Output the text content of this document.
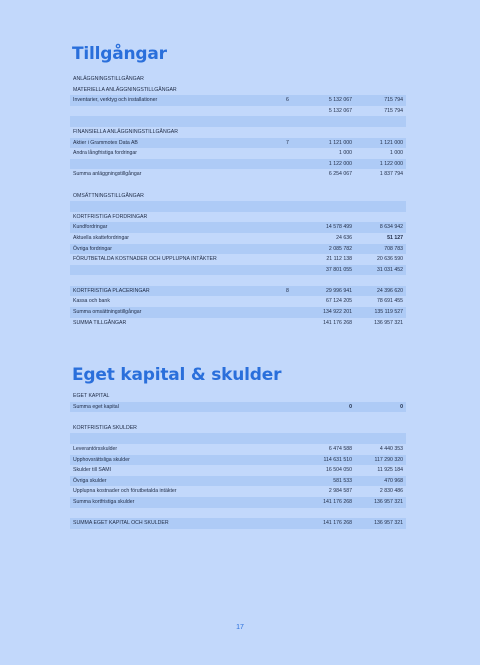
Tillgångar
ANLÄGGNINGSTILLGÅNGAR
MATERIELLA ANLÄGGNINGSTILLGÅNGAR
Inventarier, verktyg och installationer	6	5 132 067	715 794
5 132 067	715 794
FINANSIELLA ANLÄGGNINGSTILLGÅNGAR
Aktier i Grammotex Data AB	7	1 121 000	1 121 000
Andra långfristiga fordringar	1 000	1 000
1 122 000	1 122 000
Summa anläggningstillgångar	6 254 067	1 837 794
OMSÄTTNINGSTILLGÅNGAR
KORTFRISTIGA FORDRINGAR
Kundfordringar	14 578 499	8 634 942
Aktuella skattefordringar	24 636	51 127
Övriga fordringar	2 085 782	708 783
FÖRUTBETALDA KOSTNADER OCH UPPLUPNA INTÄKTER	21 112 138	20 636 590
37 801 055	31 031 452
KORTFRISTIGA PLACERINGAR	8	29 996 941	24 396 620
Kassa och bank	67 124 205	78 691 455
Summa omsättningstillgångar	134 922 201	135 119 527
SUMMA TILLGÅNGAR	141 176 268	136 957 321
Eget kapital & skulder
EGET KAPITAL
Summa eget kapital	0	0
KORTFRISTIGA SKULDER
Leverantörsskulder	6 474 588	4 440 353
Upphovsrättsliga skulder	114 631 510	117 290 320
Skulder till SAMI	16 504 050	11 925 184
Övriga skulder	581 533	470 968
Upplupna kostnader och förutbetalda intäkter	2 984 587	2 830 486
Summa kortfristiga skulder	141 176 268	136 957 321
SUMMA EGET KAPITAL OCH SKULDER	141 176 268	136 957 321
17
